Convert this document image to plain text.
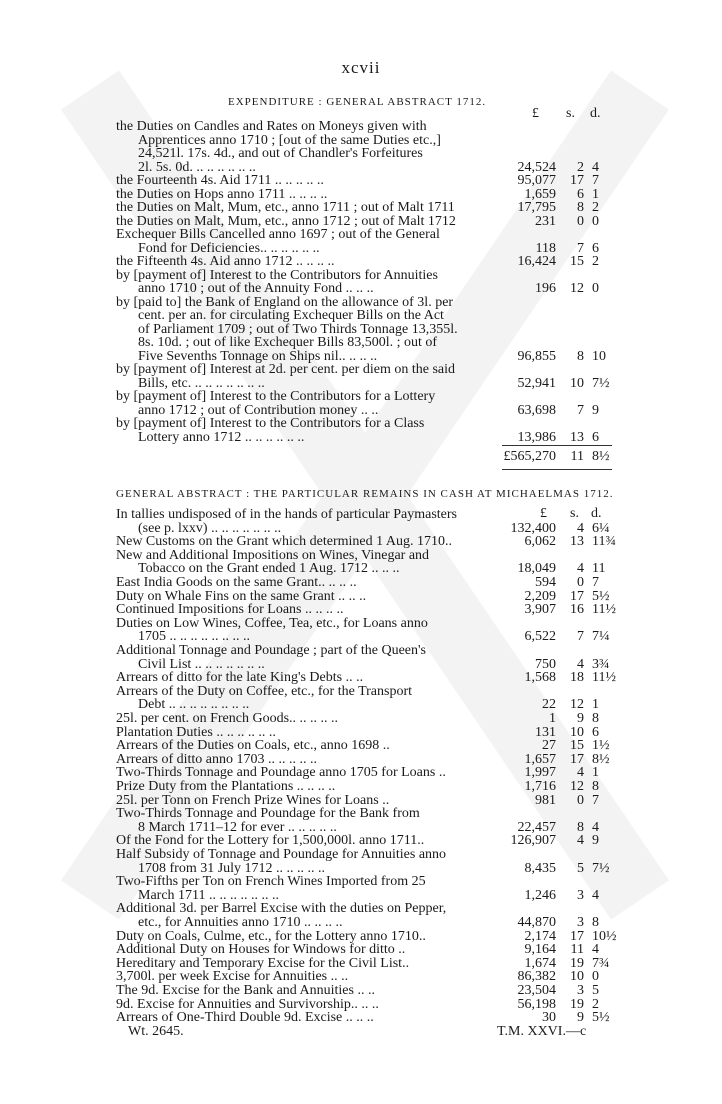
xcvii
EXPENDITURE : GENERAL ABSTRACT 1712.
£ s. d.
the Duties on Candles and Rates on Moneys given with
Apprentices anno 1710 ; [out of the same Duties etc.,]
24,521l. 17s. 4d., and out of Chandler's Forfeitures
2l. 5s. 0d. .. .. .. .. .. ..	24,524	2 4
the Fourteenth 4s. Aid 1711 .. .. .. .. ..	95,077	17 7
the Duties on Hops anno 1711 .. .. .. ..	1,659	6 1
the Duties on Malt, Mum, etc., anno 1711 ; out of Malt 1711	17,795	8 2
the Duties on Malt, Mum, etc., anno 1712 ; out of Malt 1712	231	0 0
Exchequer Bills Cancelled anno 1697 ; out of the General
Fond for Deficiencies.. .. .. .. .. ..	118	7 6
the Fifteenth 4s. Aid anno 1712 .. .. .. ..	16,424	15 2
by [payment of] Interest to the Contributors for Annuities
anno 1710 ; out of the Annuity Fond .. .. ..	196	12 0
by [paid to] the Bank of England on the allowance of 3l. per
cent. per an. for circulating Exchequer Bills on the Act
of Parliament 1709 ; out of Two Thirds Tonnage 13,355l.
8s. 10d. ; out of like Exchequer Bills 83,500l. ; out of
Five Sevenths Tonnage on Ships nil.. .. .. ..	96,855	8 10
by [payment of] Interest at 2d. per cent. per diem on the said
Bills, etc. .. .. .. .. .. .. ..	52,941	10 7½
by [payment of] Interest to the Contributors for a Lottery
anno 1712 ; out of Contribution money .. ..	63,698	7 9
by [payment of] Interest to the Contributors for a Class
Lottery anno 1712 .. .. .. .. .. ..	13,986	13 6
£565,270	11 8½
GENERAL ABSTRACT : THE PARTICULAR REMAINS IN CASH AT MICHAELMAS 1712.
£ s. d.
In tallies undisposed of in the hands of particular Paymasters
(see p. lxxv) .. .. .. .. .. .. ..	132,400	4 6¼
New Customs on the Grant which determined 1 Aug. 1710..	6,062	13 11¾
New and Additional Impositions on Wines, Vinegar and
Tobacco on the Grant ended 1 Aug. 1712 .. .. ..	18,049	4 11
East India Goods on the same Grant.. .. .. ..	594	0 7
Duty on Whale Fins on the same Grant .. .. ..	2,209	17 5½
Continued Impositions for Loans .. .. .. ..	3,907	16 11½
Duties on Low Wines, Coffee, Tea, etc., for Loans anno
1705 .. .. .. .. .. .. .. ..	6,522	7 7¼
Additional Tonnage and Poundage ; part of the Queen's
Civil List .. .. .. .. .. .. ..	750	4 3¾
Arrears of ditto for the late King's Debts .. ..	1,568	18 11½
Arrears of the Duty on Coffee, etc., for the Transport
Debt .. .. .. .. .. .. .. ..	22	12 1
25l. per cent. on French Goods.. .. .. .. ..	1	9 8
Plantation Duties .. .. .. .. .. ..	131	10 6
Arrears of the Duties on Coals, etc., anno 1698 ..	27	15 1½
Arrears of ditto anno 1703 .. .. .. .. ..	1,657	17 8½
Two-Thirds Tonnage and Poundage anno 1705 for Loans ..	1,997	4 1
Prize Duty from the Plantations .. .. .. ..	1,716	12 8
25l. per Tonn on French Prize Wines for Loans ..	981	0 7
Two-Thirds Tonnage and Poundage for the Bank from
8 March 1711–12 for ever .. .. .. .. ..	22,457	8 4
Of the Fond for the Lottery for 1,500,000l. anno 1711..	126,907	4 9
Half Subsidy of Tonnage and Poundage for Annuities anno
1708 from 31 July 1712 .. .. .. .. ..	8,435	5 7½
Two-Fifths per Ton on French Wines Imported from 25
March 1711 .. .. .. .. .. .. ..	1,246	3 4
Additional 3d. per Barrel Excise with the duties on Pepper,
etc., for Annuities anno 1710 .. .. .. ..	44,870	3 8
Duty on Coals, Culme, etc., for the Lottery anno 1710..	2,174	17 10½
Additional Duty on Houses for Windows for ditto ..	9,164	11 4
Hereditary and Temporary Excise for the Civil List..	1,674	19 7¾
3,700l. per week Excise for Annuities .. ..	86,382	10 0
The 9d. Excise for the Bank and Annuities .. ..	23,504	3 5
9d. Excise for Annuities and Survivorship.. .. ..	56,198	19 2
Arrears of One-Third Double 9d. Excise .. .. ..	30	9 5½
Wt. 2645.	T.M. XXVI.—c
